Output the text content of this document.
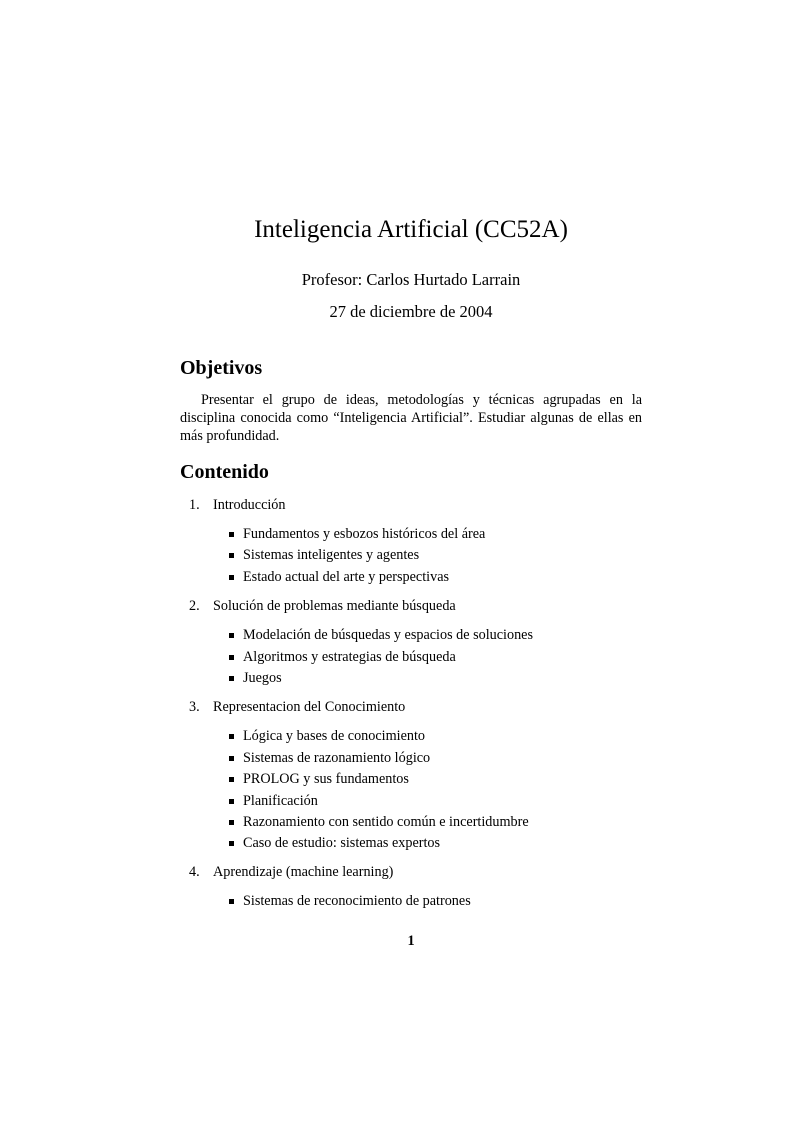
Inteligencia Artificial (CC52A)
Profesor: Carlos Hurtado Larrain
27 de diciembre de 2004
Objetivos

Presentar el grupo de ideas, metodologías y técnicas agrupadas en la disciplina conocida como “Inteligencia Artificial”. Estudiar algunas de ellas en más profundidad.

Contenido
1. Introducción
Fundamentos y esbozos históricos del área
Sistemas inteligentes y agentes
Estado actual del arte y perspectivas
2. Solución de problemas mediante búsqueda
Modelación de búsquedas y espacios de soluciones
Algoritmos y estrategias de búsqueda
Juegos
3. Representacion del Conocimiento
Lógica y bases de conocimiento
Sistemas de razonamiento lógico
PROLOG y sus fundamentos
Planificación
Razonamiento con sentido común e incertidumbre
Caso de estudio: sistemas expertos
4. Aprendizaje (machine learning)
Sistemas de reconocimiento de patrones
1
